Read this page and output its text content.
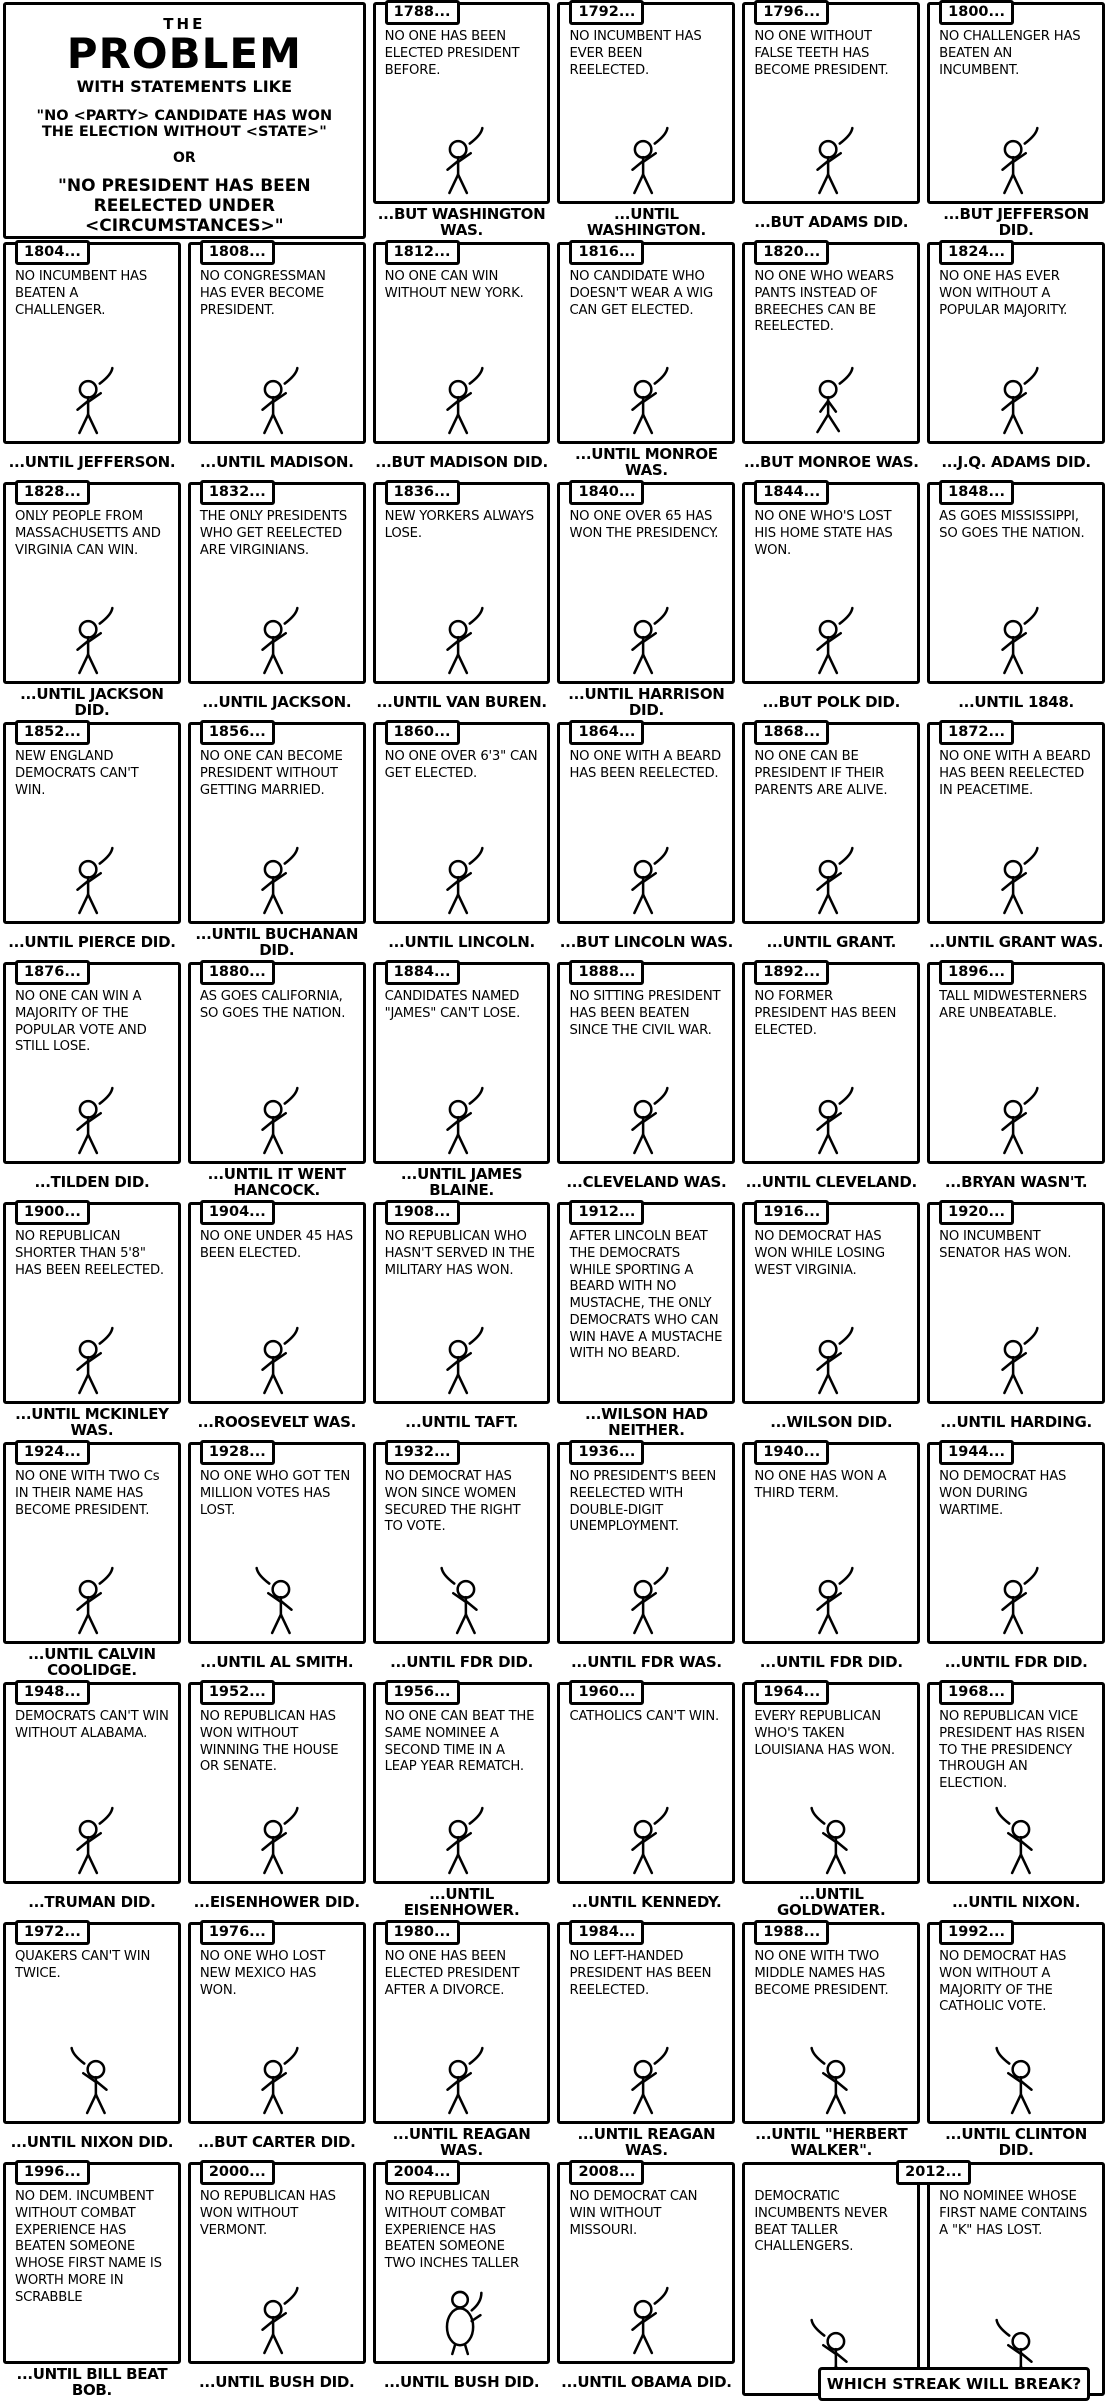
THE
PROBLEM
WITH STATEMENTS LIKE
"NO <PARTY> CANDIDATE HAS WON THE ELECTION WITHOUT <STATE>"
OR
"NO PRESIDENT HAS BEEN REELECTED UNDER <CIRCUMSTANCES>"
1788...
NO ONE HAS BEEN ELECTED PRESIDENT BEFORE.
...BUT WASHINGTON WAS.
1792...
NO INCUMBENT HAS EVER BEEN REELECTED.
...UNTIL WASHINGTON.
1796...
NO ONE WITHOUT FALSE TEETH HAS BECOME PRESIDENT.
...BUT ADAMS DID.
1800...
NO CHALLENGER HAS BEATEN AN INCUMBENT.
...BUT JEFFERSON DID.
1804...
NO INCUMBENT HAS BEATEN A CHALLENGER.
...UNTIL JEFFERSON.
1808...
NO CONGRESSMAN HAS EVER BECOME PRESIDENT.
...UNTIL MADISON.
1812...
NO ONE CAN WIN WITHOUT NEW YORK.
...BUT MADISON DID.
1816...
NO CANDIDATE WHO DOESN'T WEAR A WIG CAN GET ELECTED.
...UNTIL MONROE WAS.
1820...
NO ONE WHO WEARS PANTS INSTEAD OF BREECHES CAN BE REELECTED.
...BUT MONROE WAS.
1824...
NO ONE HAS EVER WON WITHOUT A POPULAR MAJORITY.
...J.Q. ADAMS DID.
1828...
ONLY PEOPLE FROM MASSACHUSETTS AND VIRGINIA CAN WIN.
...UNTIL JACKSON DID.
1832...
THE ONLY PRESIDENTS WHO GET REELECTED ARE VIRGINIANS.
...UNTIL JACKSON.
1836...
NEW YORKERS ALWAYS LOSE.
...UNTIL VAN BUREN.
1840...
NO ONE OVER 65 HAS WON THE PRESIDENCY.
...UNTIL HARRISON DID.
1844...
NO ONE WHO'S LOST HIS HOME STATE HAS WON.
...BUT POLK DID.
1848...
AS GOES MISSISSIPPI, SO GOES THE NATION.
...UNTIL 1848.
1852...
NEW ENGLAND DEMOCRATS CAN'T WIN.
...UNTIL PIERCE DID.
1856...
NO ONE CAN BECOME PRESIDENT WITHOUT GETTING MARRIED.
...UNTIL BUCHANAN DID.
1860...
NO ONE OVER 6'3" CAN GET ELECTED.
...UNTIL LINCOLN.
1864...
NO ONE WITH A BEARD HAS BEEN REELECTED.
...BUT LINCOLN WAS.
1868...
NO ONE CAN BE PRESIDENT IF THEIR PARENTS ARE ALIVE.
...UNTIL GRANT.
1872...
NO ONE WITH A BEARD HAS BEEN REELECTED IN PEACETIME.
...UNTIL GRANT WAS.
1876...
NO ONE CAN WIN A MAJORITY OF THE POPULAR VOTE AND STILL LOSE.
...TILDEN DID.
1880...
AS GOES CALIFORNIA, SO GOES THE NATION.
...UNTIL IT WENT HANCOCK.
1884...
CANDIDATES NAMED "JAMES" CAN'T LOSE.
...UNTIL JAMES BLAINE.
1888...
NO SITTING PRESIDENT HAS BEEN BEATEN SINCE THE CIVIL WAR.
...CLEVELAND WAS.
1892...
NO FORMER PRESIDENT HAS BEEN ELECTED.
...UNTIL CLEVELAND.
1896...
TALL MIDWESTERNERS ARE UNBEATABLE.
...BRYAN WASN'T.
1900...
NO REPUBLICAN SHORTER THAN 5'8" HAS BEEN REELECTED.
...UNTIL MCKINLEY WAS.
1904...
NO ONE UNDER 45 HAS BEEN ELECTED.
...ROOSEVELT WAS.
1908...
NO REPUBLICAN WHO HASN'T SERVED IN THE MILITARY HAS WON.
...UNTIL TAFT.
1912...
AFTER LINCOLN BEAT THE DEMOCRATS WHILE SPORTING A BEARD WITH NO MUSTACHE, THE ONLY DEMOCRATS WHO CAN WIN HAVE A MUSTACHE WITH NO BEARD.
...WILSON HAD NEITHER.
1916...
NO DEMOCRAT HAS WON WHILE LOSING WEST VIRGINIA.
...WILSON DID.
1920...
NO INCUMBENT SENATOR HAS WON.
...UNTIL HARDING.
1924...
NO ONE WITH TWO Cs IN THEIR NAME HAS BECOME PRESIDENT.
...UNTIL CALVIN COOLIDGE.
1928...
NO ONE WHO GOT TEN MILLION VOTES HAS LOST.
...UNTIL AL SMITH.
1932...
NO DEMOCRAT HAS WON SINCE WOMEN SECURED THE RIGHT TO VOTE.
...UNTIL FDR DID.
1936...
NO PRESIDENT'S BEEN REELECTED WITH DOUBLE-DIGIT UNEMPLOYMENT.
...UNTIL FDR WAS.
1940...
NO ONE HAS WON A THIRD TERM.
...UNTIL FDR DID.
1944...
NO DEMOCRAT HAS WON DURING WARTIME.
...UNTIL FDR DID.
1948...
DEMOCRATS CAN'T WIN WITHOUT ALABAMA.
...TRUMAN DID.
1952...
NO REPUBLICAN HAS WON WITHOUT WINNING THE HOUSE OR SENATE.
...EISENHOWER DID.
1956...
NO ONE CAN BEAT THE SAME NOMINEE A SECOND TIME IN A LEAP YEAR REMATCH.
...UNTIL EISENHOWER.
1960...
CATHOLICS CAN'T WIN.
...UNTIL KENNEDY.
1964...
EVERY REPUBLICAN WHO'S TAKEN LOUISIANA HAS WON.
...UNTIL GOLDWATER.
1968...
NO REPUBLICAN VICE PRESIDENT HAS RISEN TO THE PRESIDENCY THROUGH AN ELECTION.
...UNTIL NIXON.
1972...
QUAKERS CAN'T WIN TWICE.
...UNTIL NIXON DID.
1976...
NO ONE WHO LOST NEW MEXICO HAS WON.
...BUT CARTER DID.
1980...
NO ONE HAS BEEN ELECTED PRESIDENT AFTER A DIVORCE.
...UNTIL REAGAN WAS.
1984...
NO LEFT-HANDED PRESIDENT HAS BEEN REELECTED.
...UNTIL REAGAN WAS.
1988...
NO ONE WITH TWO MIDDLE NAMES HAS BECOME PRESIDENT.
...UNTIL "HERBERT WALKER".
1992...
NO DEMOCRAT HAS WON WITHOUT A MAJORITY OF THE CATHOLIC VOTE.
...UNTIL CLINTON DID.
1996...
NO DEM. INCUMBENT WITHOUT COMBAT EXPERIENCE HAS BEATEN SOMEONE WHOSE FIRST NAME IS WORTH MORE IN SCRABBLE
...UNTIL BILL BEAT BOB.
2000...
NO REPUBLICAN HAS WON WITHOUT VERMONT.
...UNTIL BUSH DID.
2004...
NO REPUBLICAN WITHOUT COMBAT EXPERIENCE HAS BEATEN SOMEONE TWO INCHES TALLER
...UNTIL BUSH DID.
2008...
NO DEMOCRAT CAN WIN WITHOUT MISSOURI.
...UNTIL OBAMA DID.
DEMOCRATIC INCUMBENTS NEVER BEAT TALLER CHALLENGERS.
2012...
NO NOMINEE WHOSE FIRST NAME CONTAINS A "K" HAS LOST.
WHICH STREAK WILL BREAK?
